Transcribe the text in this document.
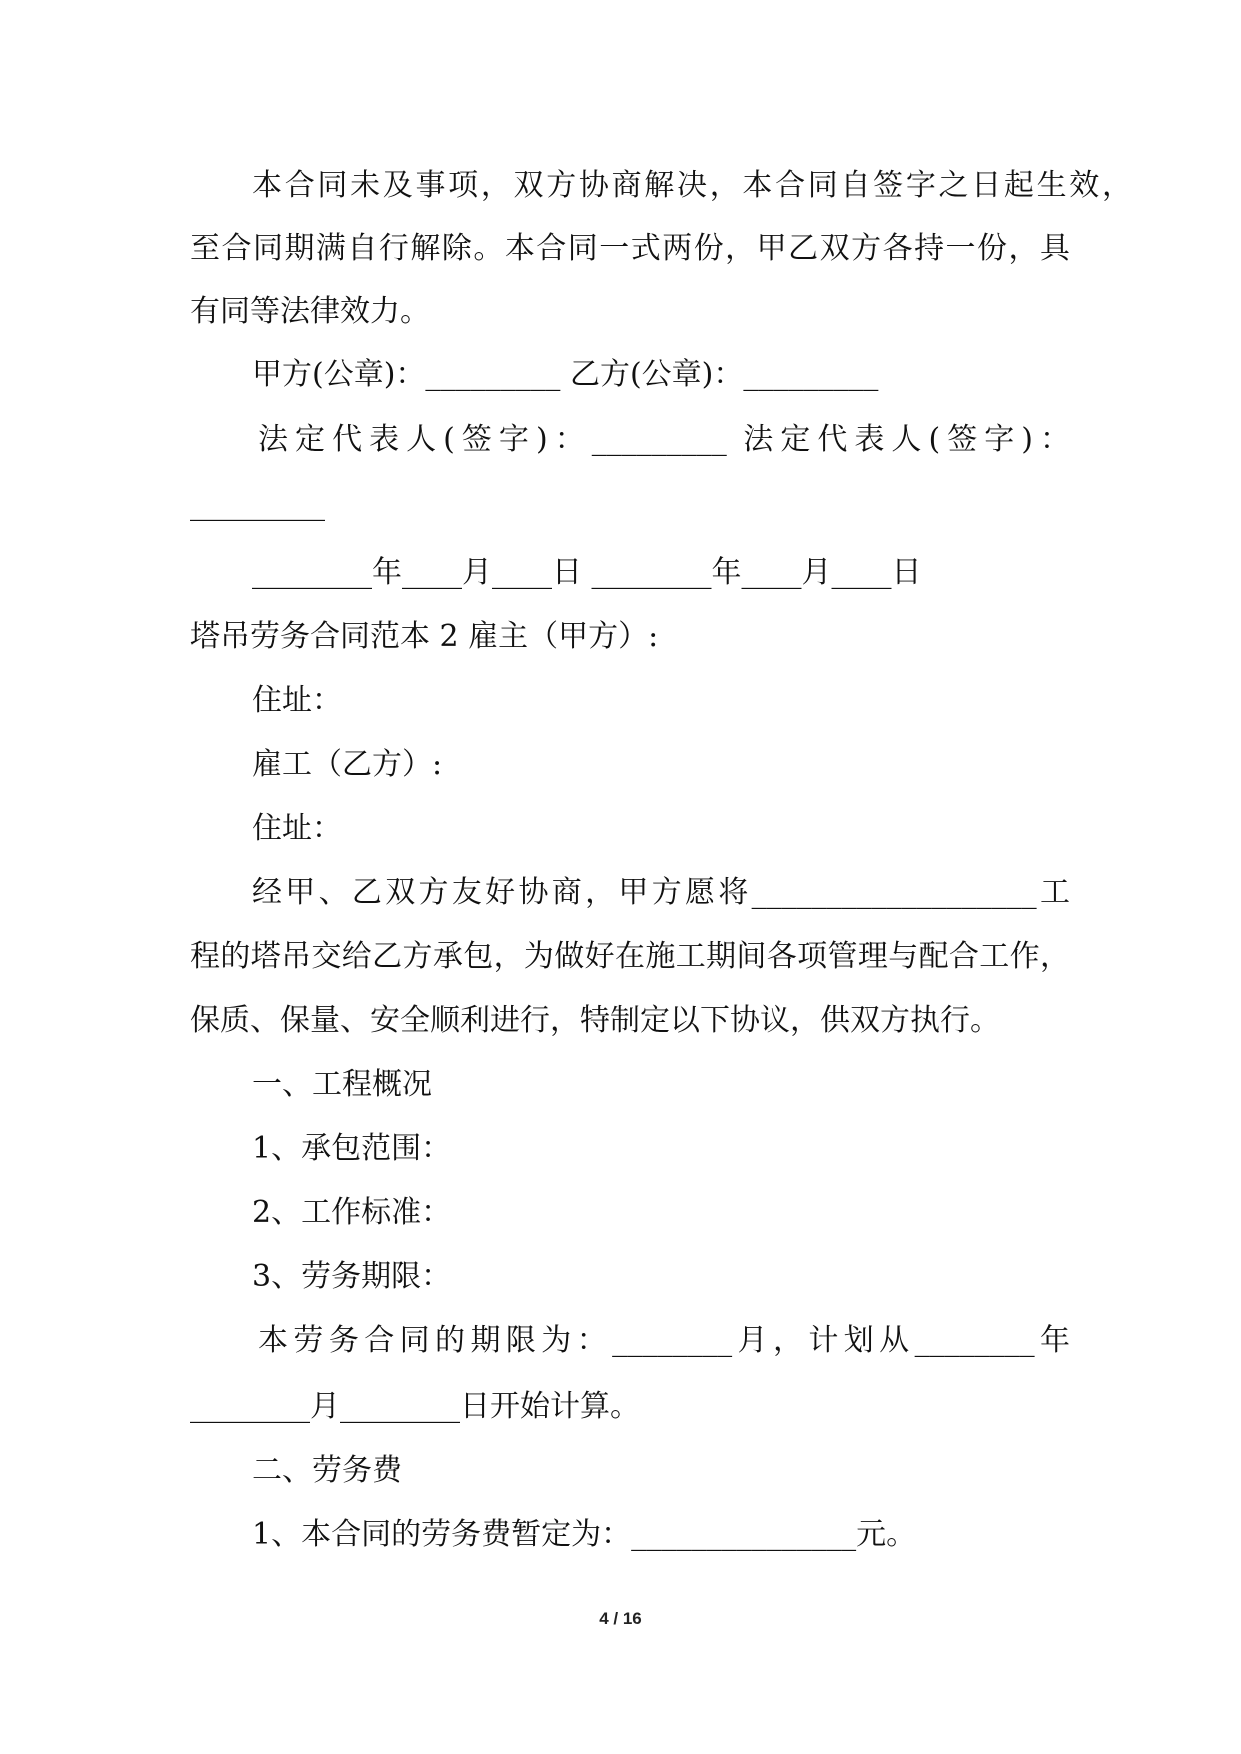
本合同未及事项，双方协商解决，本合同自签字之日起生效，
至合同期满自行解除。本合同一式两份，甲乙双方各持一份，具
有同等法律效力。
甲方(公章)：_________ 乙方(公章)：_________
法定代表人(签字)：_________ 法定代表人(签字)：
_________
________年____月____日 ________年____月____日
塔吊劳务合同范本 2 雇主（甲方）:
住址：
雇工（乙方）:
住址：
经甲、乙双方友好协商，甲方愿将___________________工
程的塔吊交给乙方承包，为做好在施工期间各项管理与配合工作，
保质、保量、安全顺利进行，特制定以下协议，供双方执行。
一、工程概况
1、承包范围：
2、工作标准：
3、劳务期限：
本劳务合同的期限为：________月，计划从________年
________月________日开始计算。
二、劳务费
1、本合同的劳务费暂定为：_______________元。
4 / 16
